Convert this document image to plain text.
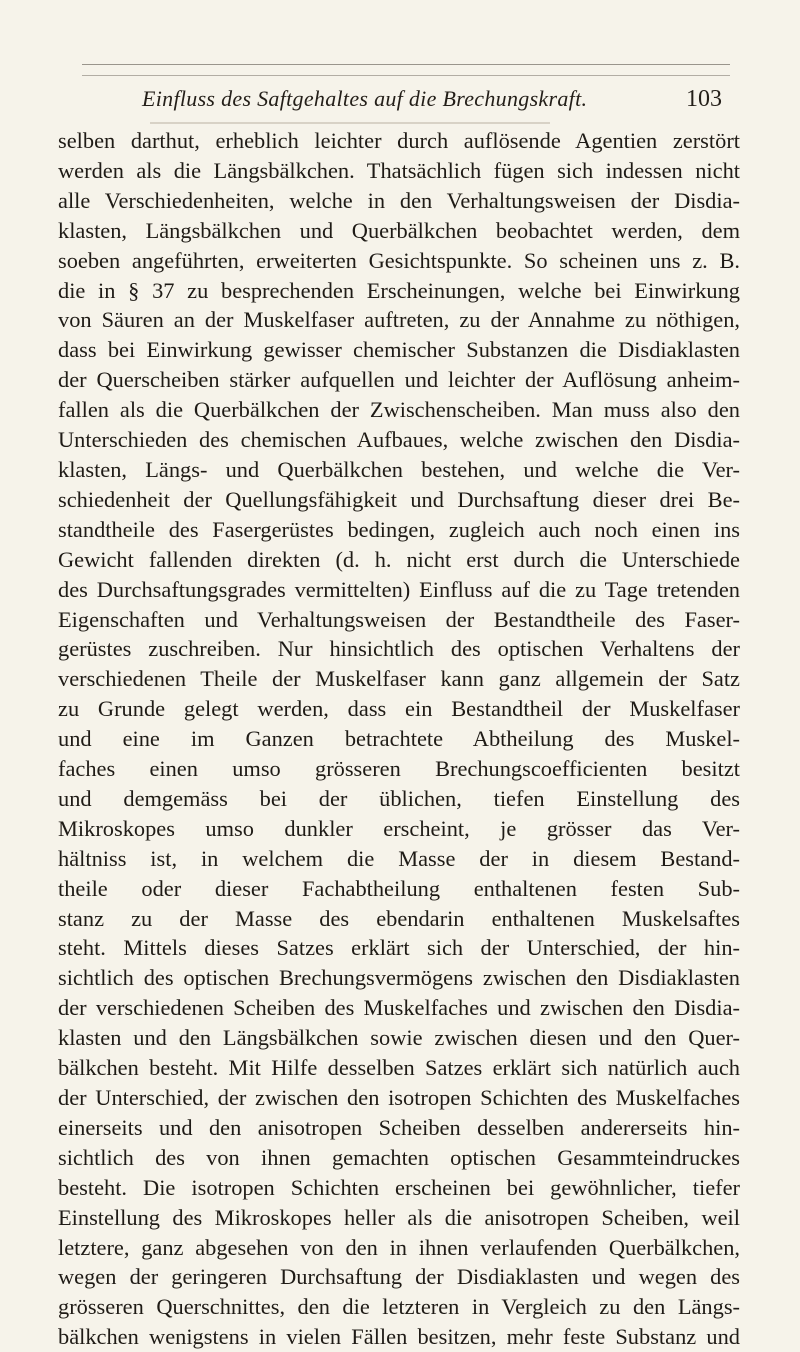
Einfluss des Saftgehaltes auf die Brechungskraft.	103
selben darthut, erheblich leichter durch auflösende Agentien zerstört
werden als die Längsbälkchen. Thatsächlich fügen sich indessen nicht
alle Verschiedenheiten, welche in den Verhaltungsweisen der Disdia-
klasten, Längsbälkchen und Querbälkchen beobachtet werden, dem
soeben angeführten, erweiterten Gesichtspunkte. So scheinen uns z. B.
die in § 37 zu besprechenden Erscheinungen, welche bei Einwirkung
von Säuren an der Muskelfaser auftreten, zu der Annahme zu nöthigen,
dass bei Einwirkung gewisser chemischer Substanzen die Disdiaklasten
der Querscheiben stärker aufquellen und leichter der Auflösung anheim-
fallen als die Querbälkchen der Zwischenscheiben. Man muss also den
Unterschieden des chemischen Aufbaues, welche zwischen den Disdia-
klasten, Längs- und Querbälkchen bestehen, und welche die Ver-
schiedenheit der Quellungsfähigkeit und Durchsaftung dieser drei Be-
standtheile des Fasergerüstes bedingen, zugleich auch noch einen ins
Gewicht fallenden direkten (d. h. nicht erst durch die Unterschiede
des Durchsaftungsgrades vermittelten) Einfluss auf die zu Tage tretenden
Eigenschaften und Verhaltungsweisen der Bestandtheile des Faser-
gerüstes zuschreiben. Nur hinsichtlich des optischen Verhaltens der
verschiedenen Theile der Muskelfaser kann ganz allgemein der Satz
zu Grunde gelegt werden, dass ein Bestandtheil der Muskelfaser
und eine im Ganzen betrachtete Abtheilung des Muskel-
faches einen umso grösseren Brechungscoefficienten besitzt
und demgemäss bei der üblichen, tiefen Einstellung des
Mikroskopes umso dunkler erscheint, je grösser das Ver-
hältniss ist, in welchem die Masse der in diesem Bestand-
theile oder dieser Fachabtheilung enthaltenen festen Sub-
stanz zu der Masse des ebendarin enthaltenen Muskelsaftes
steht. Mittels dieses Satzes erklärt sich der Unterschied, der hin-
sichtlich des optischen Brechungsvermögens zwischen den Disdiaklasten
der verschiedenen Scheiben des Muskelfaches und zwischen den Disdia-
klasten und den Längsbälkchen sowie zwischen diesen und den Quer-
bälkchen besteht. Mit Hilfe desselben Satzes erklärt sich natürlich auch
der Unterschied, der zwischen den isotropen Schichten des Muskelfaches
einerseits und den anisotropen Scheiben desselben andererseits hin-
sichtlich des von ihnen gemachten optischen Gesammteindruckes
besteht. Die isotropen Schichten erscheinen bei gewöhnlicher, tiefer
Einstellung des Mikroskopes heller als die anisotropen Scheiben, weil
letztere, ganz abgesehen von den in ihnen verlaufenden Querbälkchen,
wegen der geringeren Durchsaftung der Disdiaklasten und wegen des
grösseren Querschnittes, den die letzteren in Vergleich zu den Längs-
bälkchen wenigstens in vielen Fällen besitzen, mehr feste Substanz und
